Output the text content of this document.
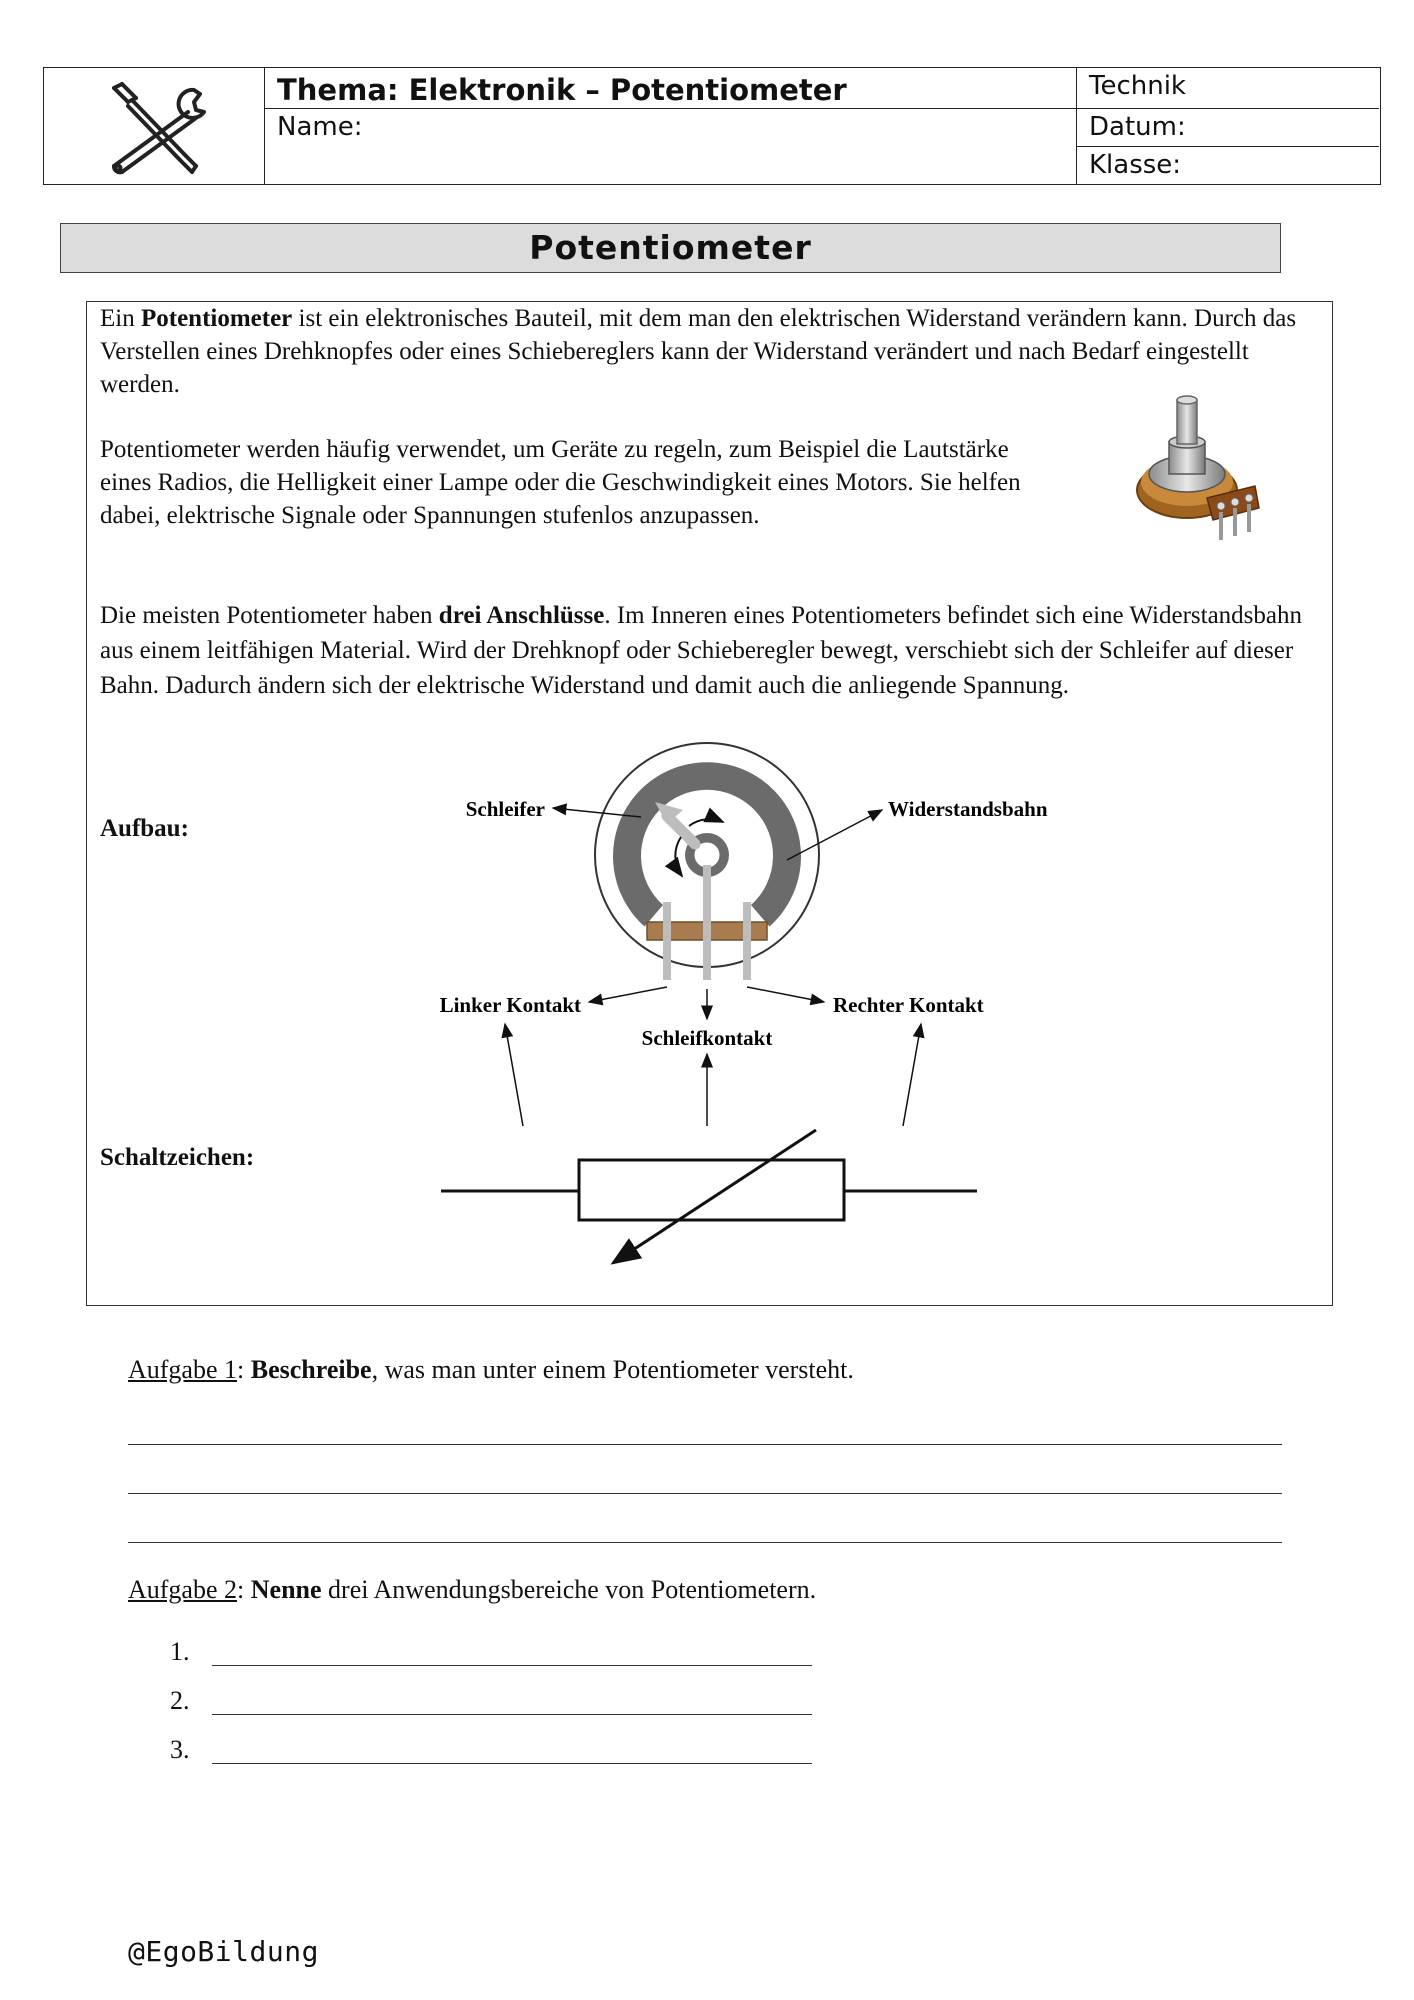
Thema: Elektronik – Potentiometer
Name:
Technik
Datum:
Klasse:
Potentiometer

Ein Potentiometer ist ein elektronisches Bauteil, mit dem man den elektrischen Widerstand verändern kann. Durch das Verstellen eines Drehknopfes oder eines Schiebereglers kann der Widerstand verändert und nach Bedarf eingestellt werden.

Potentiometer werden häufig verwendet, um Geräte zu regeln, zum Beispiel die Lautstärke eines Radios, die Helligkeit einer Lampe oder die Geschwindigkeit eines Motors. Sie helfen dabei, elektrische Signale oder Spannungen stufenlos anzupassen.

Die meisten Potentiometer haben drei Anschlüsse. Im Inneren eines Potentiometers befindet sich eine Widerstandsbahn aus einem leitfähigen Material. Wird der Drehknopf oder Schieberegler bewegt, verschiebt sich der Schleifer auf dieser Bahn. Dadurch ändern sich der elektrische Widerstand und damit auch die anliegende Spannung.

Aufbau:
Schaltzeichen:
Schleifer	Widerstandsbahn
Linker Kontakt
Schleifkontakt
Rechter Kontakt
Aufgabe 1: Beschreibe, was man unter einem Potentiometer versteht.
Aufgabe 2: Nenne drei Anwendungsbereiche von Potentiometern.
1.
2.
3.
@EgoBildung
